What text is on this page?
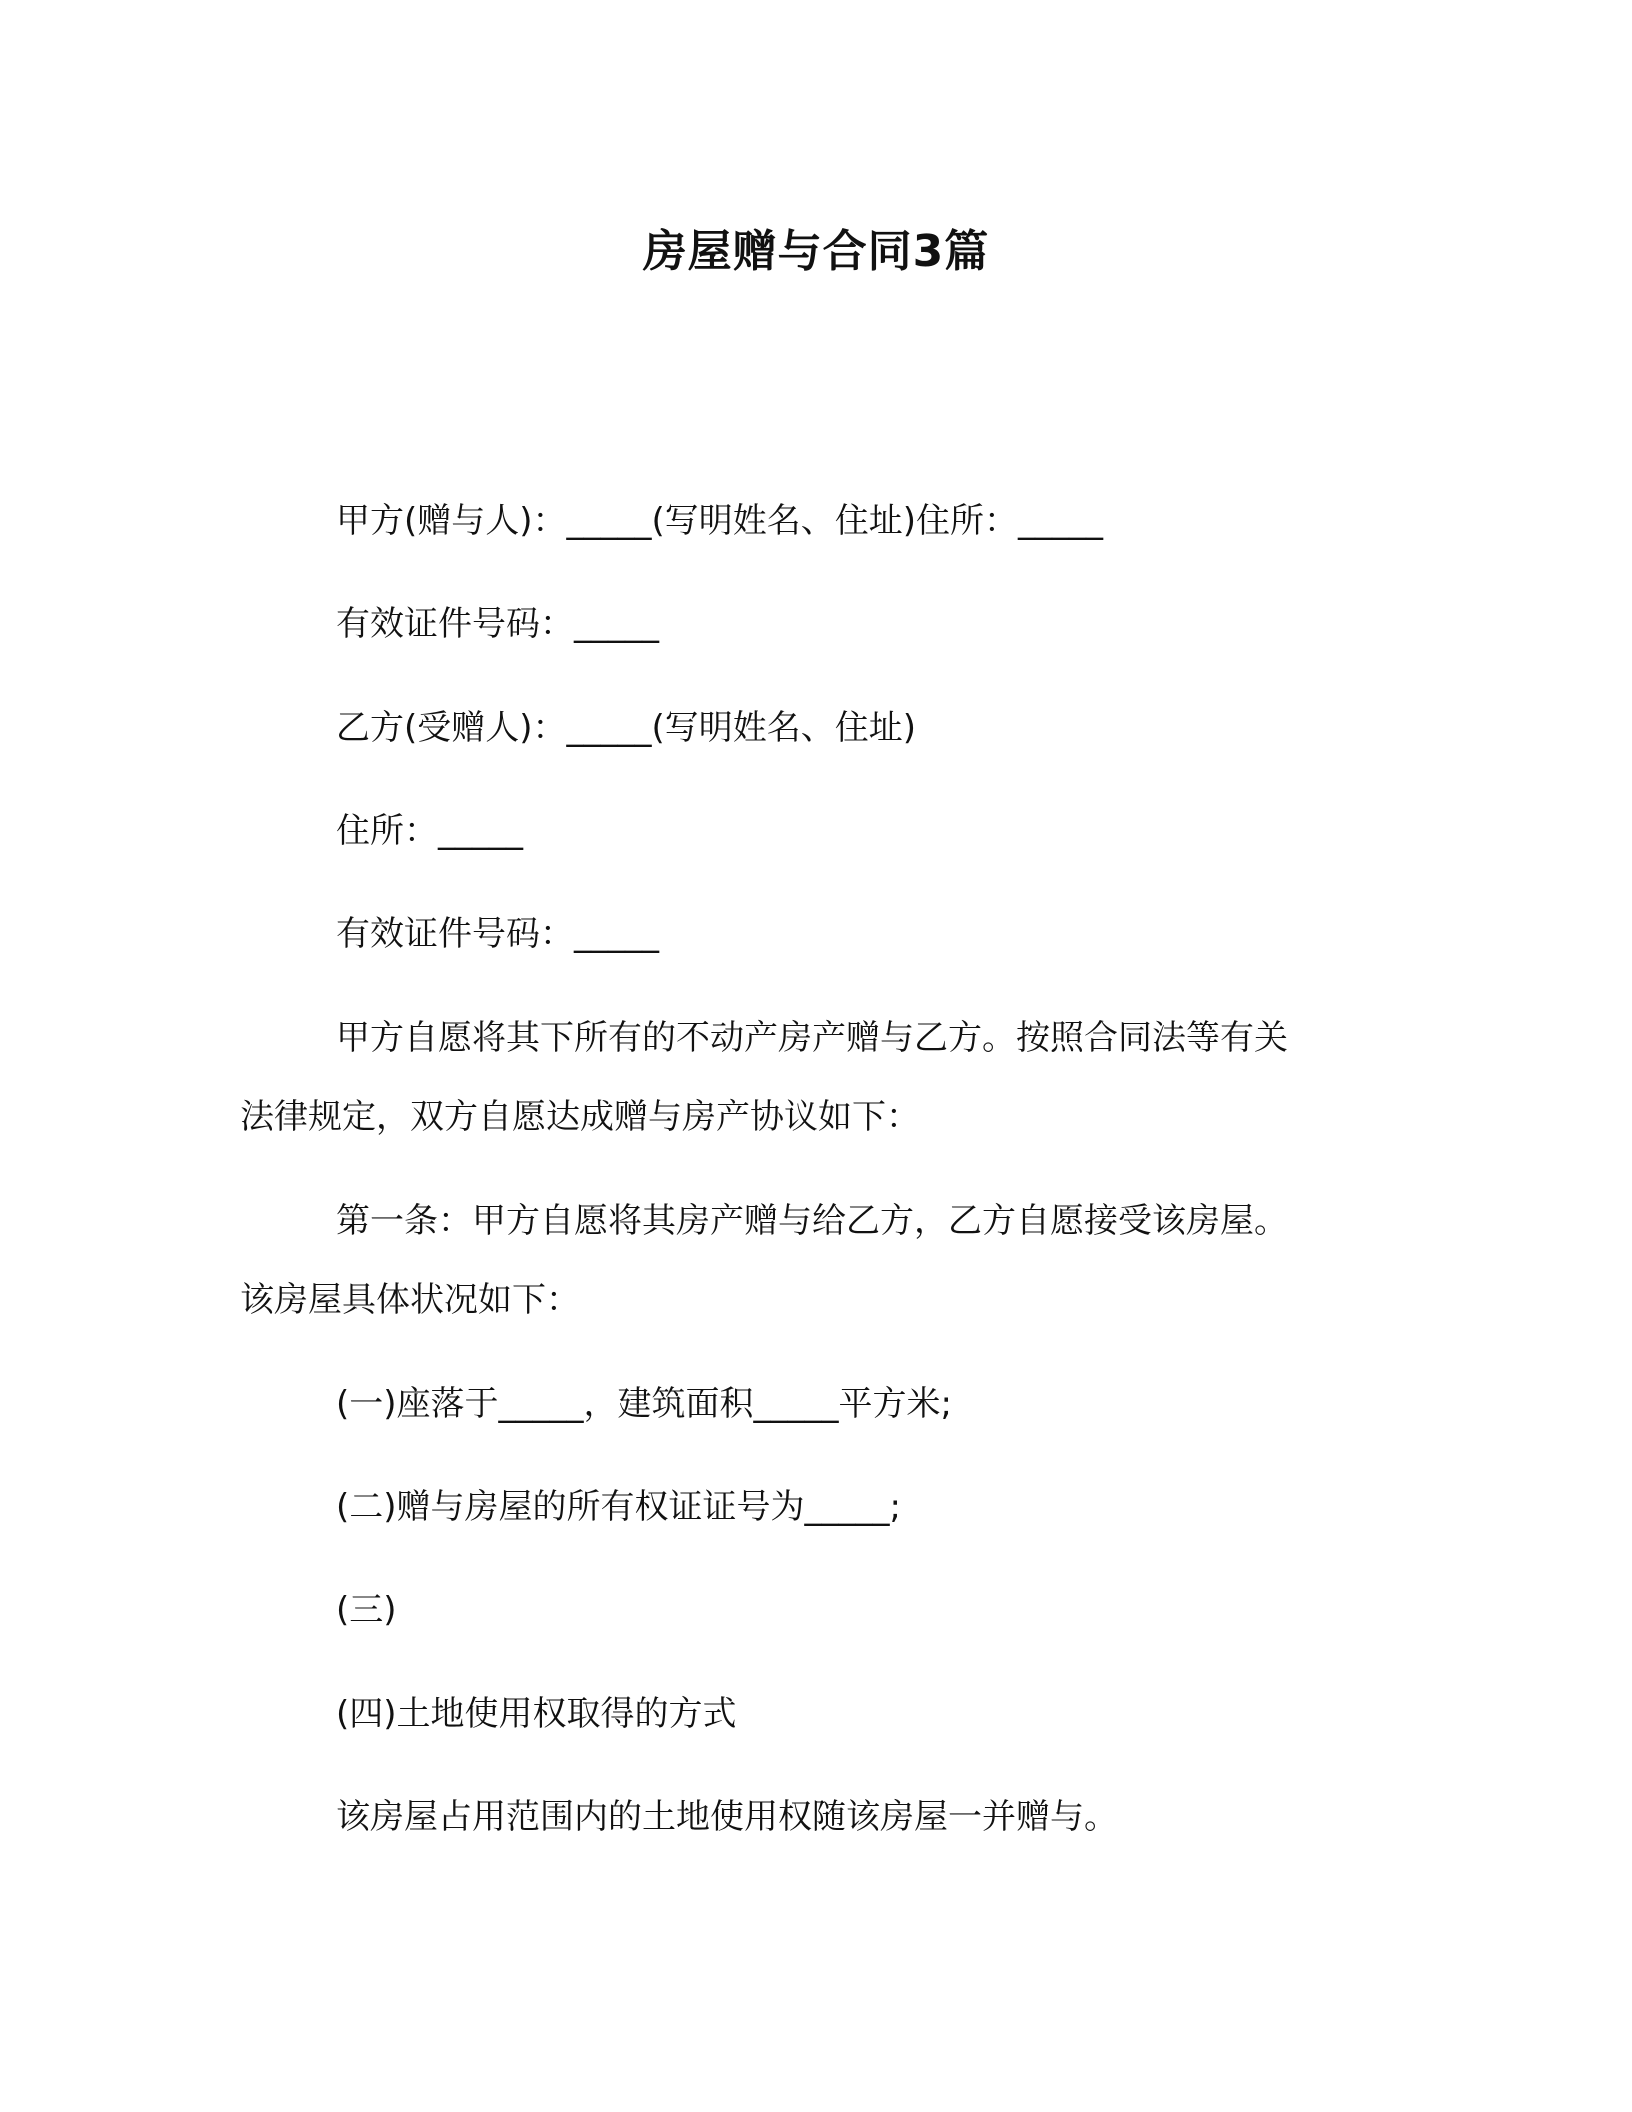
房屋赠与合同3篇
甲方(赠与人)：_____(写明姓名、住址)住所：_____
有效证件号码：_____
乙方(受赠人)：_____(写明姓名、住址)
住所：_____
有效证件号码：_____
甲方自愿将其下所有的不动产房产赠与乙方。按照合同法等有关
法律规定，双方自愿达成赠与房产协议如下：
第一条：甲方自愿将其房产赠与给乙方，乙方自愿接受该房屋。
该房屋具体状况如下：
(一)座落于_____，建筑面积_____平方米;
(二)赠与房屋的所有权证证号为_____;
(三)
(四)土地使用权取得的方式
该房屋占用范围内的土地使用权随该房屋一并赠与。
